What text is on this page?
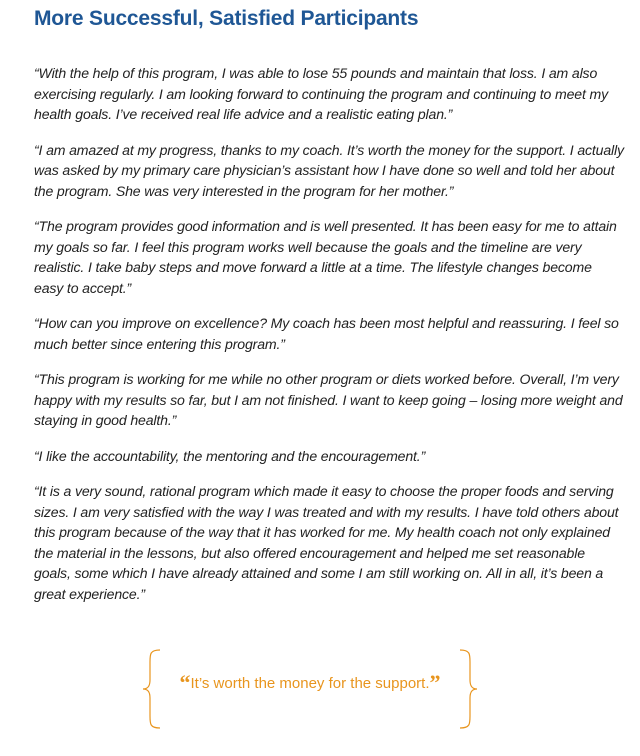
More Successful, Satisfied Participants

“With the help of this program, I was able to lose 55 pounds and maintain that loss. I am also exercising regularly. I am looking forward to continuing the program and continuing to meet my health goals. I’ve received real life advice and a realistic eating plan.”

“I am amazed at my progress, thanks to my coach. It’s worth the money for the support. I actually was asked by my primary care physician’s assistant how I have done so well and told her about the program. She was very interested in the program for her mother.”

“The program provides good information and is well presented. It has been easy for me to attain my goals so far. I feel this program works well because the goals and the timeline are very realistic. I take baby steps and move forward a little at a time. The lifestyle changes become easy to accept.”

“How can you improve on excellence? My coach has been most helpful and reassuring. I feel so much better since entering this program.”

“This program is working for me while no other program or diets worked before. Overall, I’m very happy with my results so far, but I am not finished. I want to keep going – losing more weight and staying in good health.”

“I like the accountability, the mentoring and the encouragement.”

“It is a very sound, rational program which made it easy to choose the proper foods and serving sizes. I am very satisfied with the way I was treated and with my results. I have told others about this program because of the way that it has worked for me. My health coach not only explained the material in the lessons, but also offered encouragement and helped me set reasonable goals, some which I have already attained and some I am still working on. All in all, it’s been a great experience.”

“It’s worth the money for the support.”
